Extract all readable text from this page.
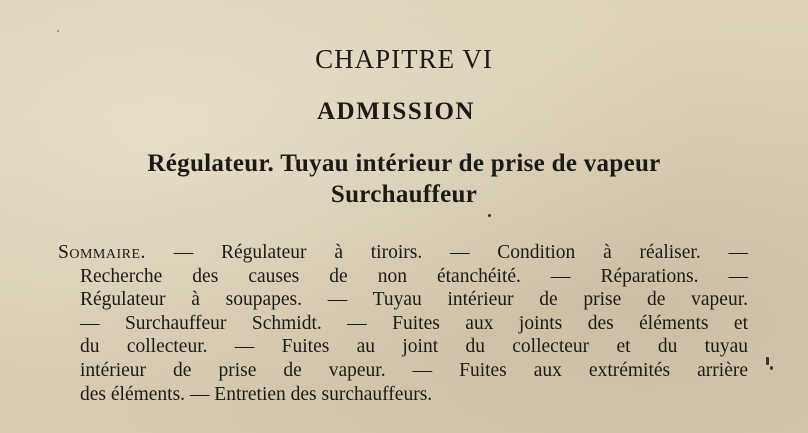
CHAPITRE VI
ADMISSION
Régulateur. Tuyau intérieur de prise de vapeur
Surchauffeur
Sommaire. — Régulateur à tiroirs. — Condition à réaliser. —
Recherche des causes de non étanchéité. — Réparations. —
Régulateur à soupapes. — Tuyau intérieur de prise de vapeur.
— Surchauffeur Schmidt. — Fuites aux joints des éléments et
du collecteur. — Fuites au joint du collecteur et du tuyau
intérieur de prise de vapeur. — Fuites aux extrémités arrière
des éléments. — Entretien des surchauffeurs.
